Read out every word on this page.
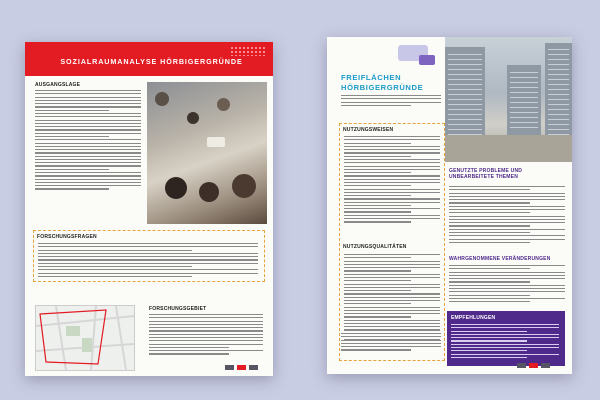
SOZIALRAUMANALYSE HÖRBIGERGRÜNDE
AUSGANGSLAGE
FORSCHUNGSFRAGEN
FORSCHUNGSGEBIET
FREIFLÄCHEN HÖRBIGERGRÜNDE
NUTZUNGSWEISEN
NUTZUNGSQUALITÄTEN
GENUTZTE PROBLEME UND UNBEARBEITETE THEMEN
WAHRGENOMMENE VERÄNDERUNGEN
EMPFEHLUNGEN
